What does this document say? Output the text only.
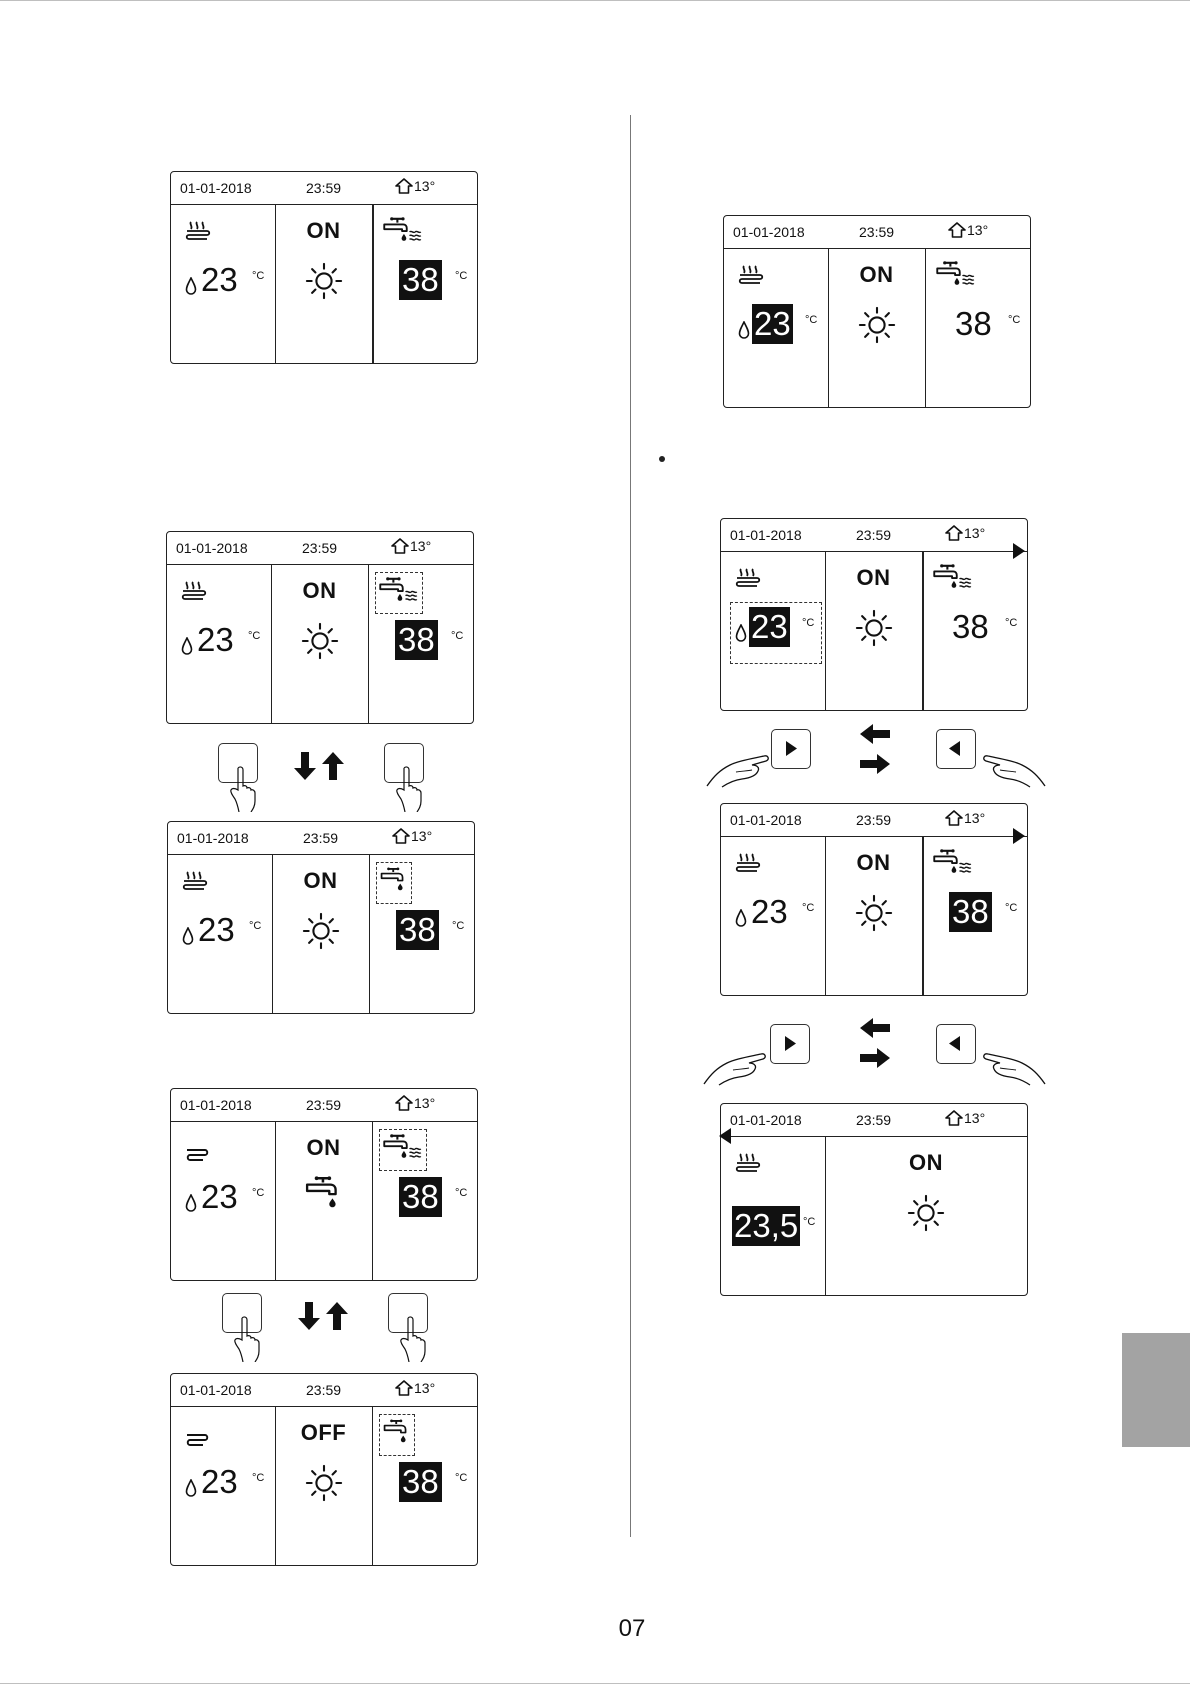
01-01-2018	23:59	13°
23 °C
ON
38 °C
01-01-2018	23:59	13°
23 °C
ON
38 °C
01-01-2018	23:59	13°
23 °C
ON
38 °C
01-01-2018	23:59	13°
23 °C
ON
38 °C
01-01-2018	23:59	13°
23 °C
OFF
38 °C
01-01-2018	23:59	13°
23 °C
ON
38 °C
01-01-2018	23:59	13°
23 °C
ON
38 °C
01-01-2018	23:59	13°
23 °C
ON
38 °C
01-01-2018	23:59	13°
23,5 °C
ON
07
